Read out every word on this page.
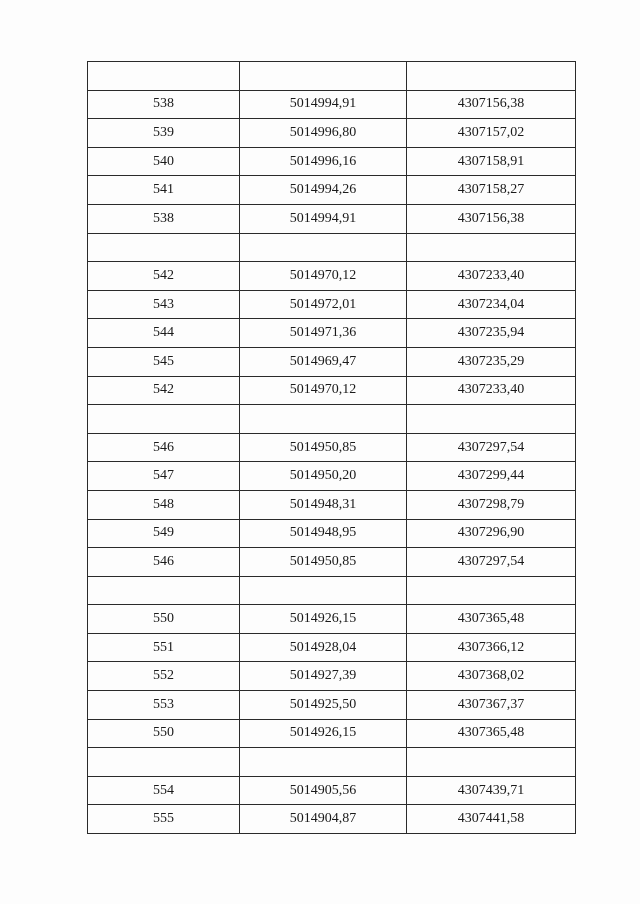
538	5014994,91	4307156,38
539	5014996,80	4307157,02
540	5014996,16	4307158,91
541	5014994,26	4307158,27
538	5014994,91	4307156,38

542	5014970,12	4307233,40
543	5014972,01	4307234,04
544	5014971,36	4307235,94
545	5014969,47	4307235,29
542	5014970,12	4307233,40

546	5014950,85	4307297,54
547	5014950,20	4307299,44
548	5014948,31	4307298,79
549	5014948,95	4307296,90
546	5014950,85	4307297,54

550	5014926,15	4307365,48
551	5014928,04	4307366,12
552	5014927,39	4307368,02
553	5014925,50	4307367,37
550	5014926,15	4307365,48

554	5014905,56	4307439,71
555	5014904,87	4307441,58
